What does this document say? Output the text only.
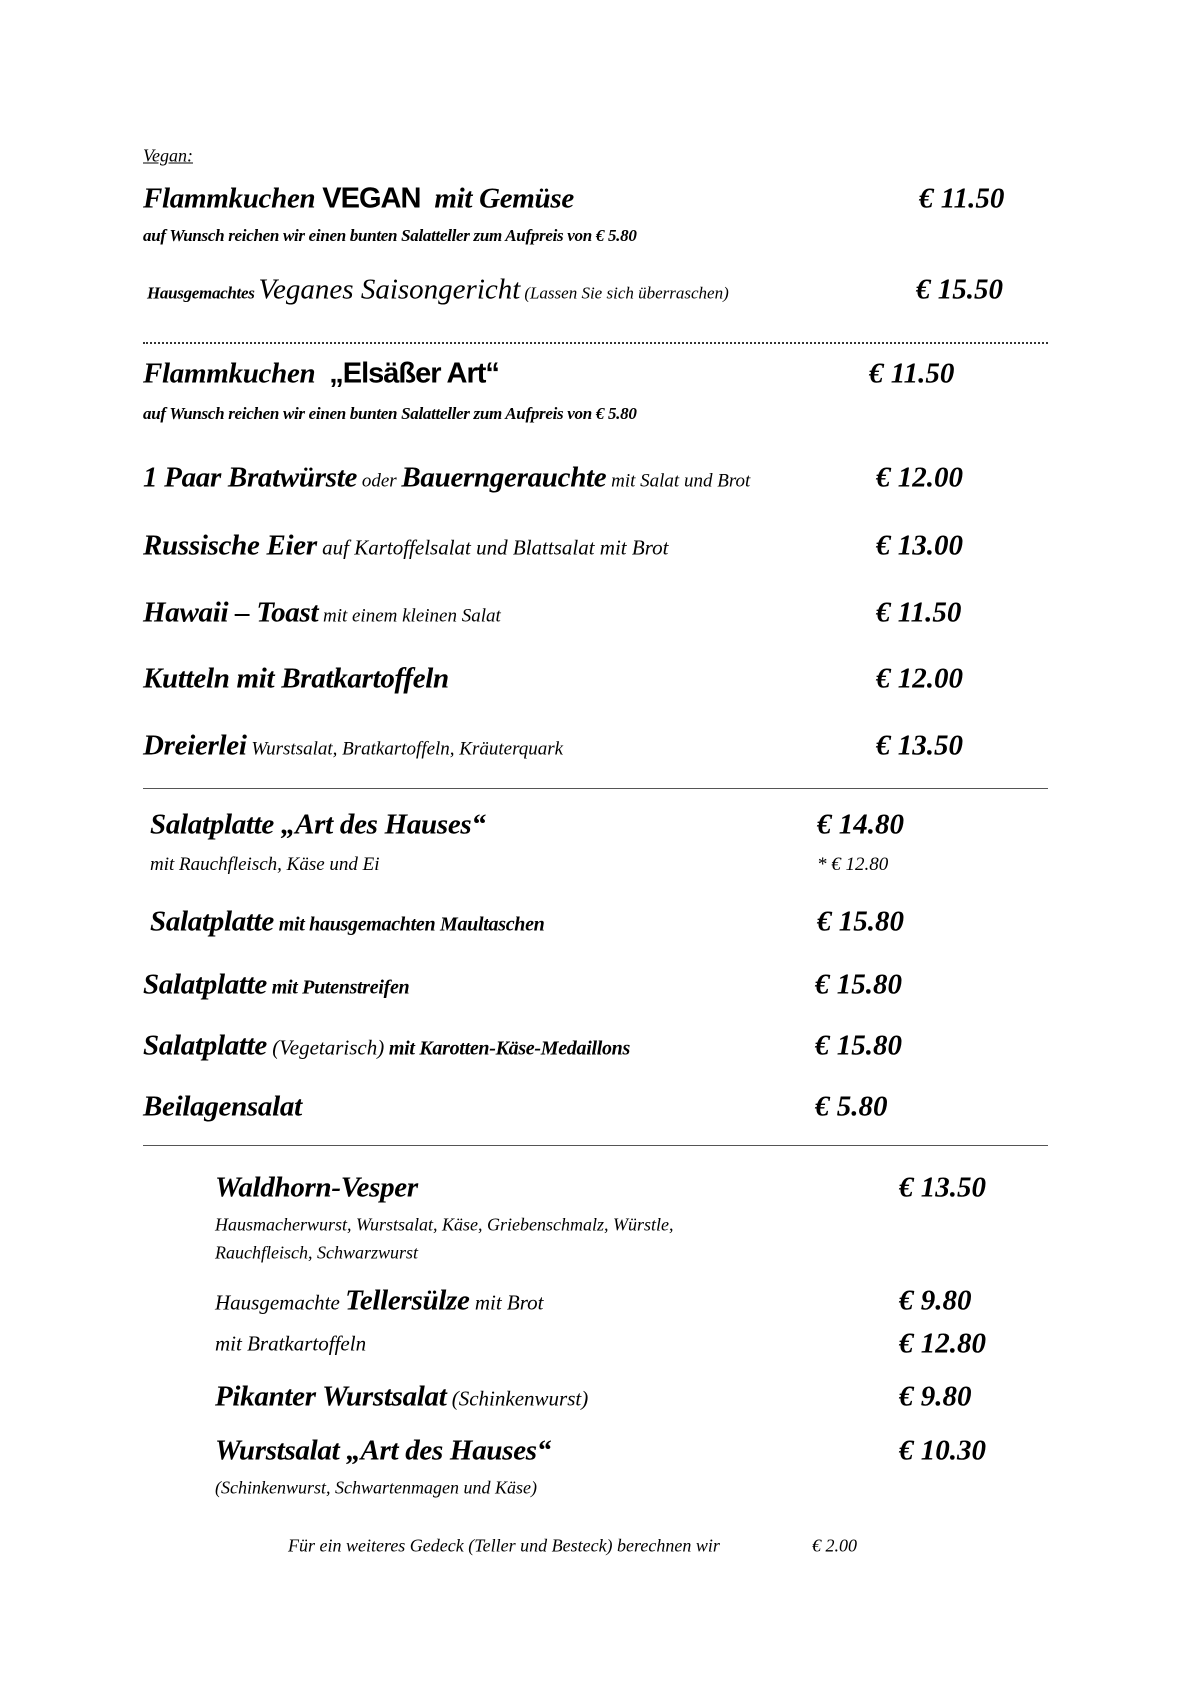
Vegan:
Flammkuchen VEGAN mit Gemüse	€ 11.50
auf Wunsch reichen wir einen bunten Salatteller zum Aufpreis von € 5.80
Hausgemachtes Veganes Saisongericht (Lassen Sie sich überraschen)	€ 15.50
Flammkuchen „Elsäßer Art“	€ 11.50
auf Wunsch reichen wir einen bunten Salatteller zum Aufpreis von € 5.80
1 Paar Bratwürste oder Bauerngerauchte mit Salat und Brot	€ 12.00
Russische Eier auf Kartoffelsalat und Blattsalat mit Brot	€ 13.00
Hawaii – Toast mit einem kleinen Salat	€ 11.50
Kutteln mit Bratkartoffeln	€ 12.00
Dreierlei Wurstsalat, Bratkartoffeln, Kräuterquark	€ 13.50
Salatplatte „Art des Hauses“	€ 14.80
mit Rauchfleisch, Käse und Ei	* € 12.80
Salatplatte mit hausgemachten Maultaschen	€ 15.80
Salatplatte mit Putenstreifen	€ 15.80
Salatplatte (Vegetarisch) mit Karotten-Käse-Medaillons	€ 15.80
Beilagensalat	€ 5.80
Waldhorn-Vesper	€ 13.50
Hausmacherwurst, Wurstsalat, Käse, Griebenschmalz, Würstle,
Rauchfleisch, Schwarzwurst
Hausgemachte Tellersülze mit Brot	€ 9.80
mit Bratkartoffeln	€ 12.80
Pikanter Wurstsalat (Schinkenwurst)	€ 9.80
Wurstsalat „Art des Hauses“	€ 10.30
(Schinkenwurst, Schwartenmagen und Käse)
Für ein weiteres Gedeck (Teller und Besteck) berechnen wir	€ 2.00
